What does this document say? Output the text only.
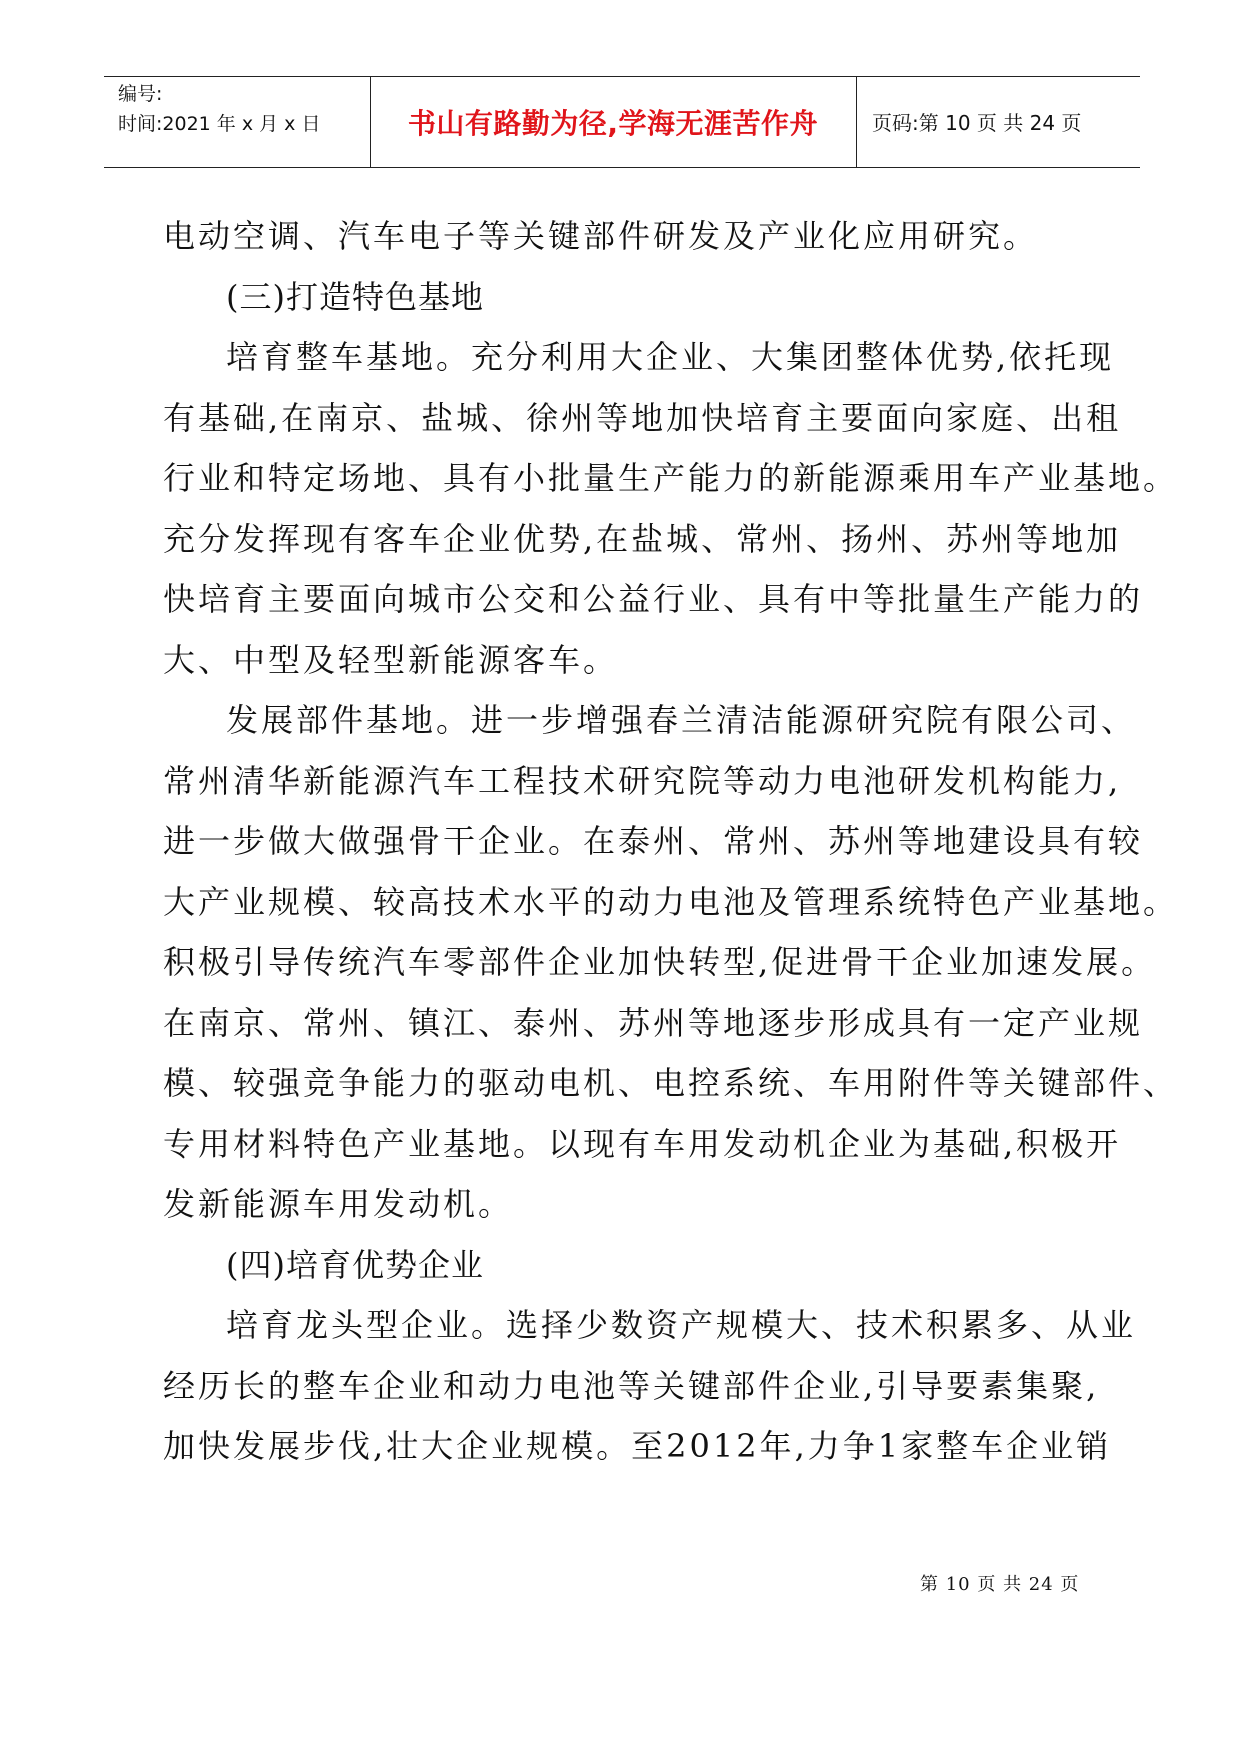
编号:
时间:2021 年 x 月 x 日	书山有路勤为径,学海无涯苦作舟	页码:第 10 页 共 24 页
电动空调、汽车电子等关键部件研发及产业化应用研究。
(三)打造特色基地
培育整车基地。充分利用大企业、大集团整体优势,依托现
有基础,在南京、盐城、徐州等地加快培育主要面向家庭、出租
行业和特定场地、具有小批量生产能力的新能源乘用车产业基地。
充分发挥现有客车企业优势,在盐城、常州、扬州、苏州等地加
快培育主要面向城市公交和公益行业、具有中等批量生产能力的
大、中型及轻型新能源客车。
发展部件基地。进一步增强春兰清洁能源研究院有限公司、
常州清华新能源汽车工程技术研究院等动力电池研发机构能力,
进一步做大做强骨干企业。在泰州、常州、苏州等地建设具有较
大产业规模、较高技术水平的动力电池及管理系统特色产业基地。
积极引导传统汽车零部件企业加快转型,促进骨干企业加速发展。
在南京、常州、镇江、泰州、苏州等地逐步形成具有一定产业规
模、较强竞争能力的驱动电机、电控系统、车用附件等关键部件、
专用材料特色产业基地。以现有车用发动机企业为基础,积极开
发新能源车用发动机。
(四)培育优势企业
培育龙头型企业。选择少数资产规模大、技术积累多、从业
经历长的整车企业和动力电池等关键部件企业,引导要素集聚,
加快发展步伐,壮大企业规模。至2012年,力争1家整车企业销
第 10 页 共 24 页
